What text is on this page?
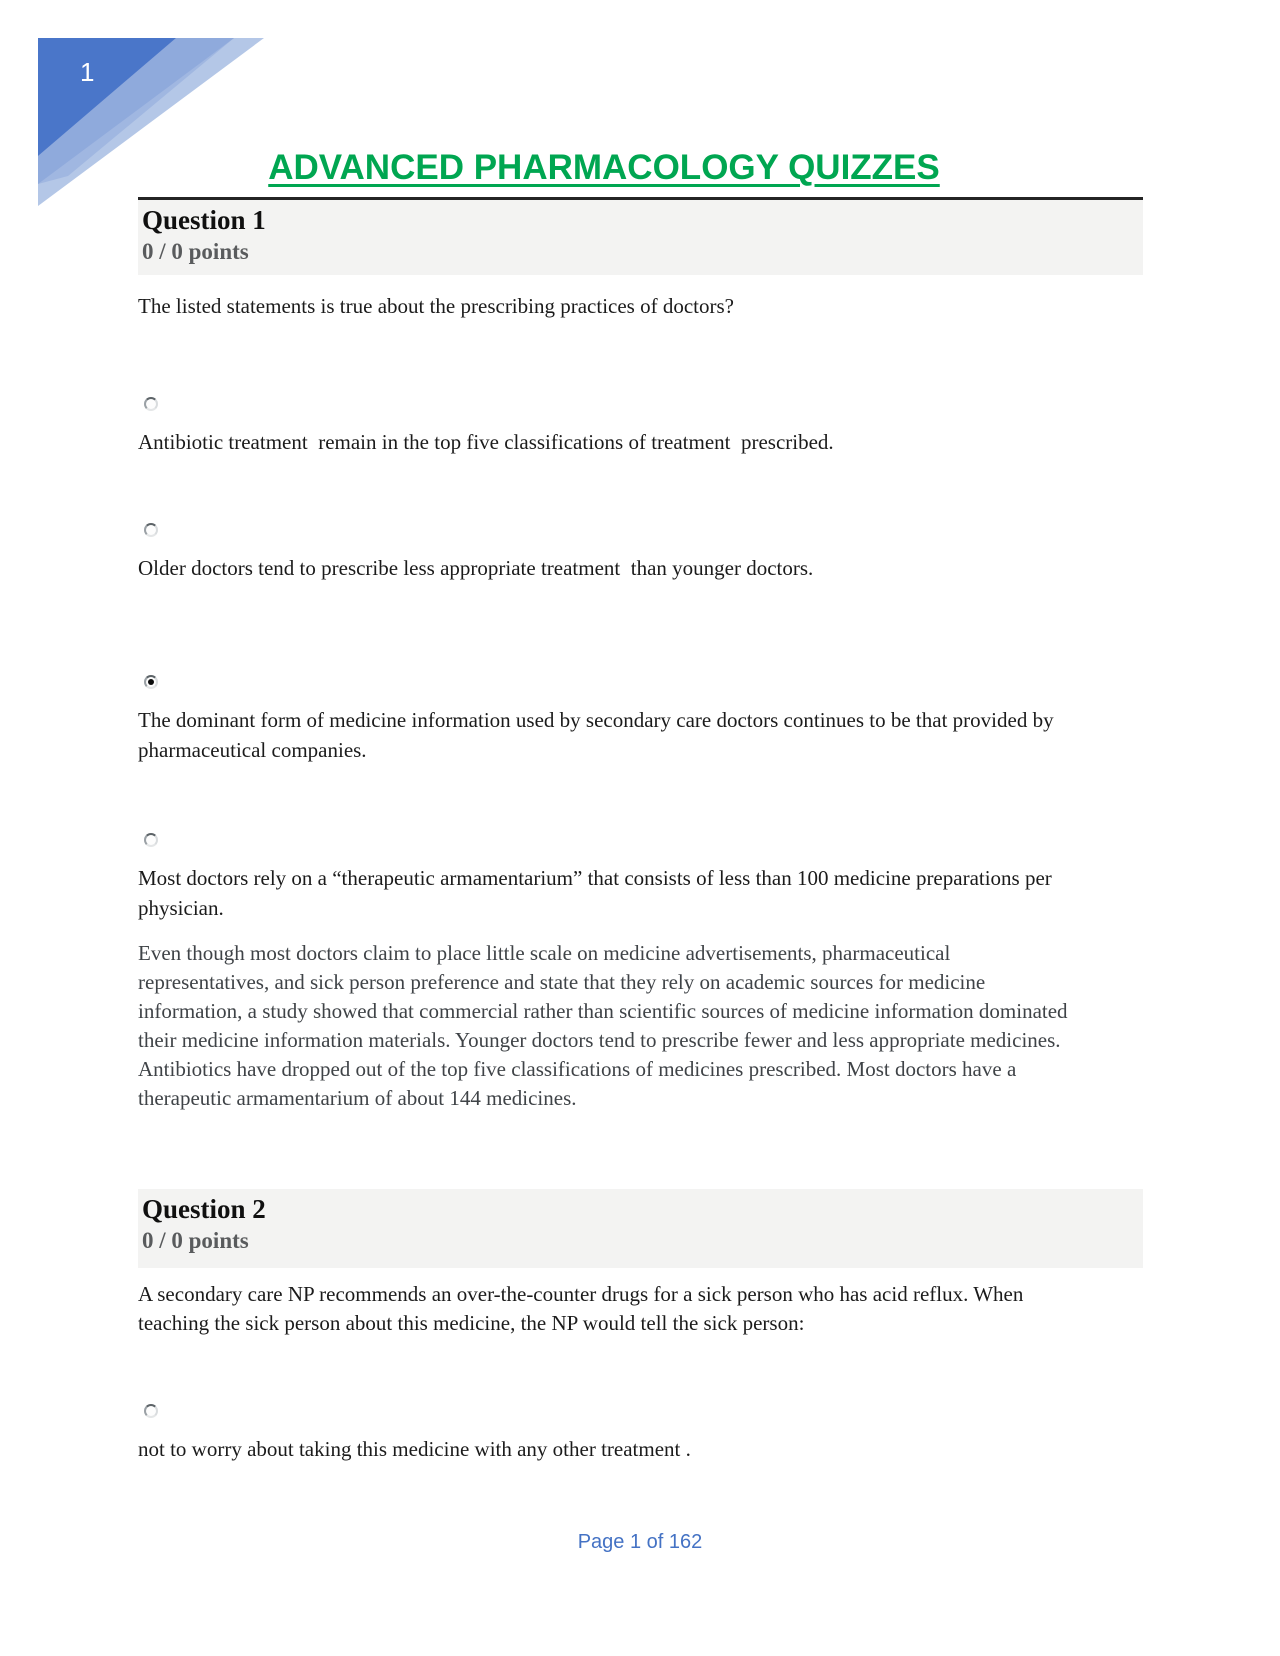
1
ADVANCED PHARMACOLOGY QUIZZES
Question 1
0 / 0 points
The listed statements is true about the prescribing practices of doctors?
Antibiotic treatment  remain in the top five classifications of treatment  prescribed.
Older doctors tend to prescribe less appropriate treatment  than younger doctors.
The dominant form of medicine information used by secondary care doctors continues to be that provided by pharmaceutical companies.
Most doctors rely on a “therapeutic armamentarium” that consists of less than 100 medicine preparations per physician.
Even though most doctors claim to place little scale on medicine advertisements, pharmaceutical representatives, and sick person preference and state that they rely on academic sources for medicine information, a study showed that commercial rather than scientific sources of medicine information dominated their medicine information materials. Younger doctors tend to prescribe fewer and less appropriate medicines. Antibiotics have dropped out of the top five classifications of medicines prescribed. Most doctors have a therapeutic armamentarium of about 144 medicines.
Question 2
0 / 0 points
A secondary care NP recommends an over-the-counter drugs for a sick person who has acid reflux. When teaching the sick person about this medicine, the NP would tell the sick person:
not to worry about taking this medicine with any other treatment .
Page 1 of 162
